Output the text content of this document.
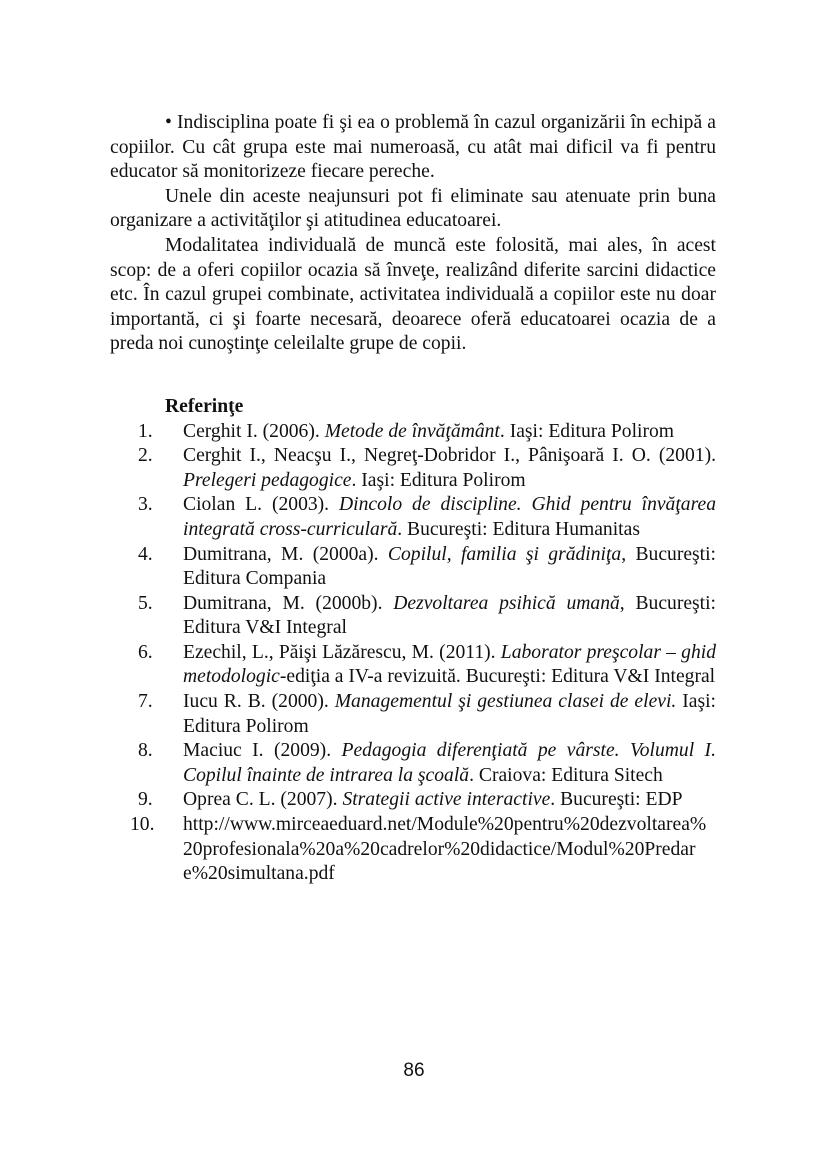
• Indisciplina poate fi şi ea o problemă în cazul organizării în echipă a copiilor. Cu cât grupa este mai numeroasă, cu atât mai dificil va fi pentru educator să monitorizeze fiecare pereche.

Unele din aceste neajunsuri pot fi eliminate sau atenuate prin buna organizare a activităţilor şi atitudinea educatoarei.

Modalitatea individuală de muncă este folosită, mai ales, în acest scop: de a oferi copiilor ocazia să înveţe, realizând diferite sarcini didactice etc. În cazul grupei combinate, activitatea individuală a copiilor este nu doar importantă, ci şi foarte necesară, deoarece oferă educatoarei ocazia de a preda noi cunoştinţe celeilalte grupe de copii.

Referinţe
1.	Cerghit I. (2006). Metode de învăţământ. Iaşi: Editura Polirom
2.	Cerghit I., Neacşu I., Negreţ-Dobridor I., Pânişoară I. O. (2001). Prelegeri pedagogice. Iaşi: Editura Polirom
3.	Ciolan L. (2003). Dincolo de discipline. Ghid pentru învăţarea integrată cross-curriculară. Bucureşti: Editura Humanitas
4.	Dumitrana, M. (2000a). Copilul, familia şi grădiniţa, Bucureşti: Editura Compania
5.	Dumitrana, M. (2000b). Dezvoltarea psihică umană, Bucureşti: Editura V&I Integral
6.	Ezechil, L., Păişi Lăzărescu, M. (2011). Laborator preşcolar – ghid metodologic-ediţia a IV-a revizuită. Bucureşti: Editura V&I Integral
7.	Iucu R. B. (2000). Managementul şi gestiunea clasei de elevi. Iaşi: Editura Polirom
8.	Maciuc I. (2009). Pedagogia diferenţiată pe vârste. Volumul I. Copilul înainte de intrarea la şcoală. Craiova: Editura Sitech
9.	Oprea C. L. (2007). Strategii active interactive. Bucureşti: EDP
10.	http://www.mirceaeduard.net/Module%20pentru%20dezvoltarea%20profesionala%20a%20cadrelor%20didactice/Modul%20Predare%20simultana.pdf
86
